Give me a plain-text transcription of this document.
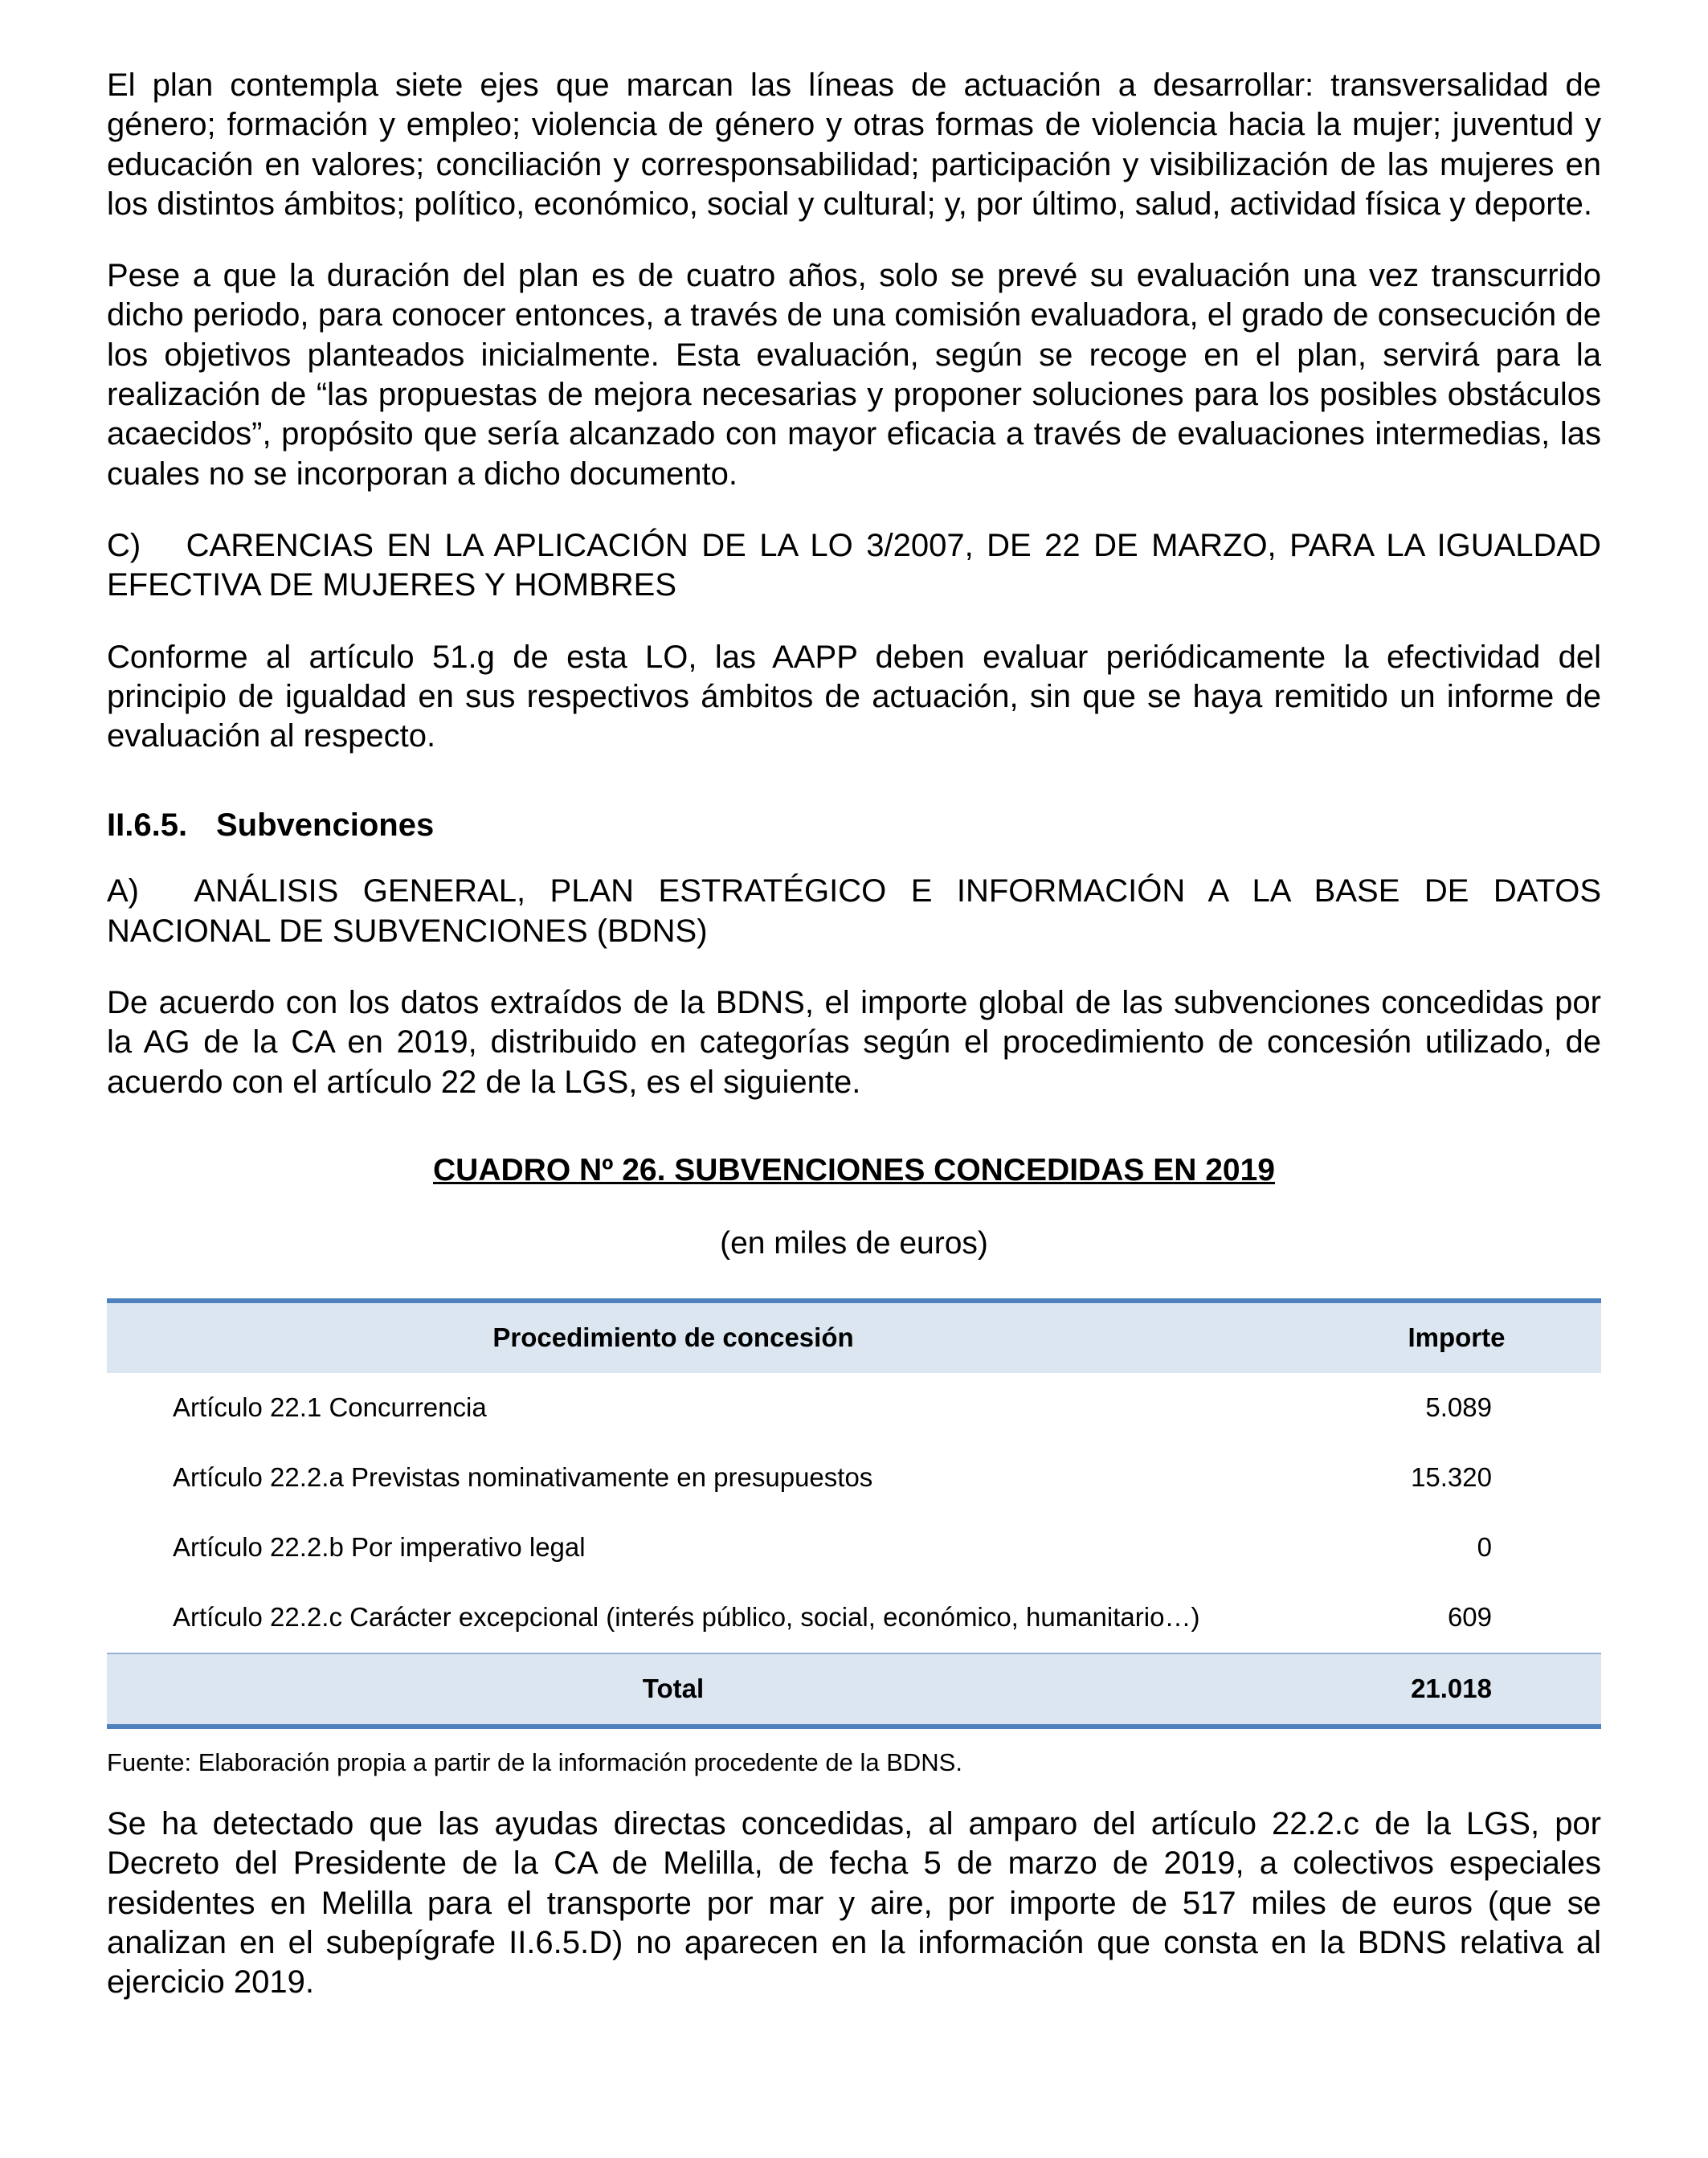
El plan contempla siete ejes que marcan las líneas de actuación a desarrollar: transversalidad de género; formación y empleo; violencia de género y otras formas de violencia hacia la mujer; juventud y educación en valores; conciliación y corresponsabilidad; participación y visibilización de las mujeres en los distintos ámbitos; político, económico, social y cultural; y, por último, salud, actividad física y deporte.

Pese a que la duración del plan es de cuatro años, solo se prevé su evaluación una vez transcurrido dicho periodo, para conocer entonces, a través de una comisión evaluadora, el grado de consecución de los objetivos planteados inicialmente. Esta evaluación, según se recoge en el plan, servirá para la realización de “las propuestas de mejora necesarias y proponer soluciones para los posibles obstáculos acaecidos”, propósito que sería alcanzado con mayor eficacia a través de evaluaciones intermedias, las cuales no se incorporan a dicho documento.

C)  CARENCIAS EN LA APLICACIÓN DE LA LO 3/2007, DE 22 DE MARZO, PARA LA IGUALDAD EFECTIVA DE MUJERES Y HOMBRES

Conforme al artículo 51.g de esta LO, las AAPP deben evaluar periódicamente la efectividad del principio de igualdad en sus respectivos ámbitos de actuación, sin que se haya remitido un informe de evaluación al respecto.

II.6.5. Subvenciones

A)  ANÁLISIS GENERAL, PLAN ESTRATÉGICO E INFORMACIÓN A LA BASE DE DATOS NACIONAL DE SUBVENCIONES (BDNS)

De acuerdo con los datos extraídos de la BDNS, el importe global de las subvenciones concedidas por la AG de la CA en 2019, distribuido en categorías según el procedimiento de concesión utilizado, de acuerdo con el artículo 22 de la LGS, es el siguiente.

CUADRO Nº 26. SUBVENCIONES CONCEDIDAS EN 2019

(en miles de euros)

Procedimiento de concesión	Importe
Artículo 22.1 Concurrencia	5.089
Artículo 22.2.a Previstas nominativamente en presupuestos	15.320
Artículo 22.2.b Por imperativo legal	0
Artículo 22.2.c Carácter excepcional (interés público, social, económico, humanitario…)	609
Total	21.018

Fuente: Elaboración propia a partir de la información procedente de la BDNS.

Se ha detectado que las ayudas directas concedidas, al amparo del artículo 22.2.c de la LGS, por Decreto del Presidente de la CA de Melilla, de fecha 5 de marzo de 2019, a colectivos especiales residentes en Melilla para el transporte por mar y aire, por importe de 517 miles de euros (que se analizan en el subepígrafe II.6.5.D) no aparecen en la información que consta en la BDNS relativa al ejercicio 2019.
